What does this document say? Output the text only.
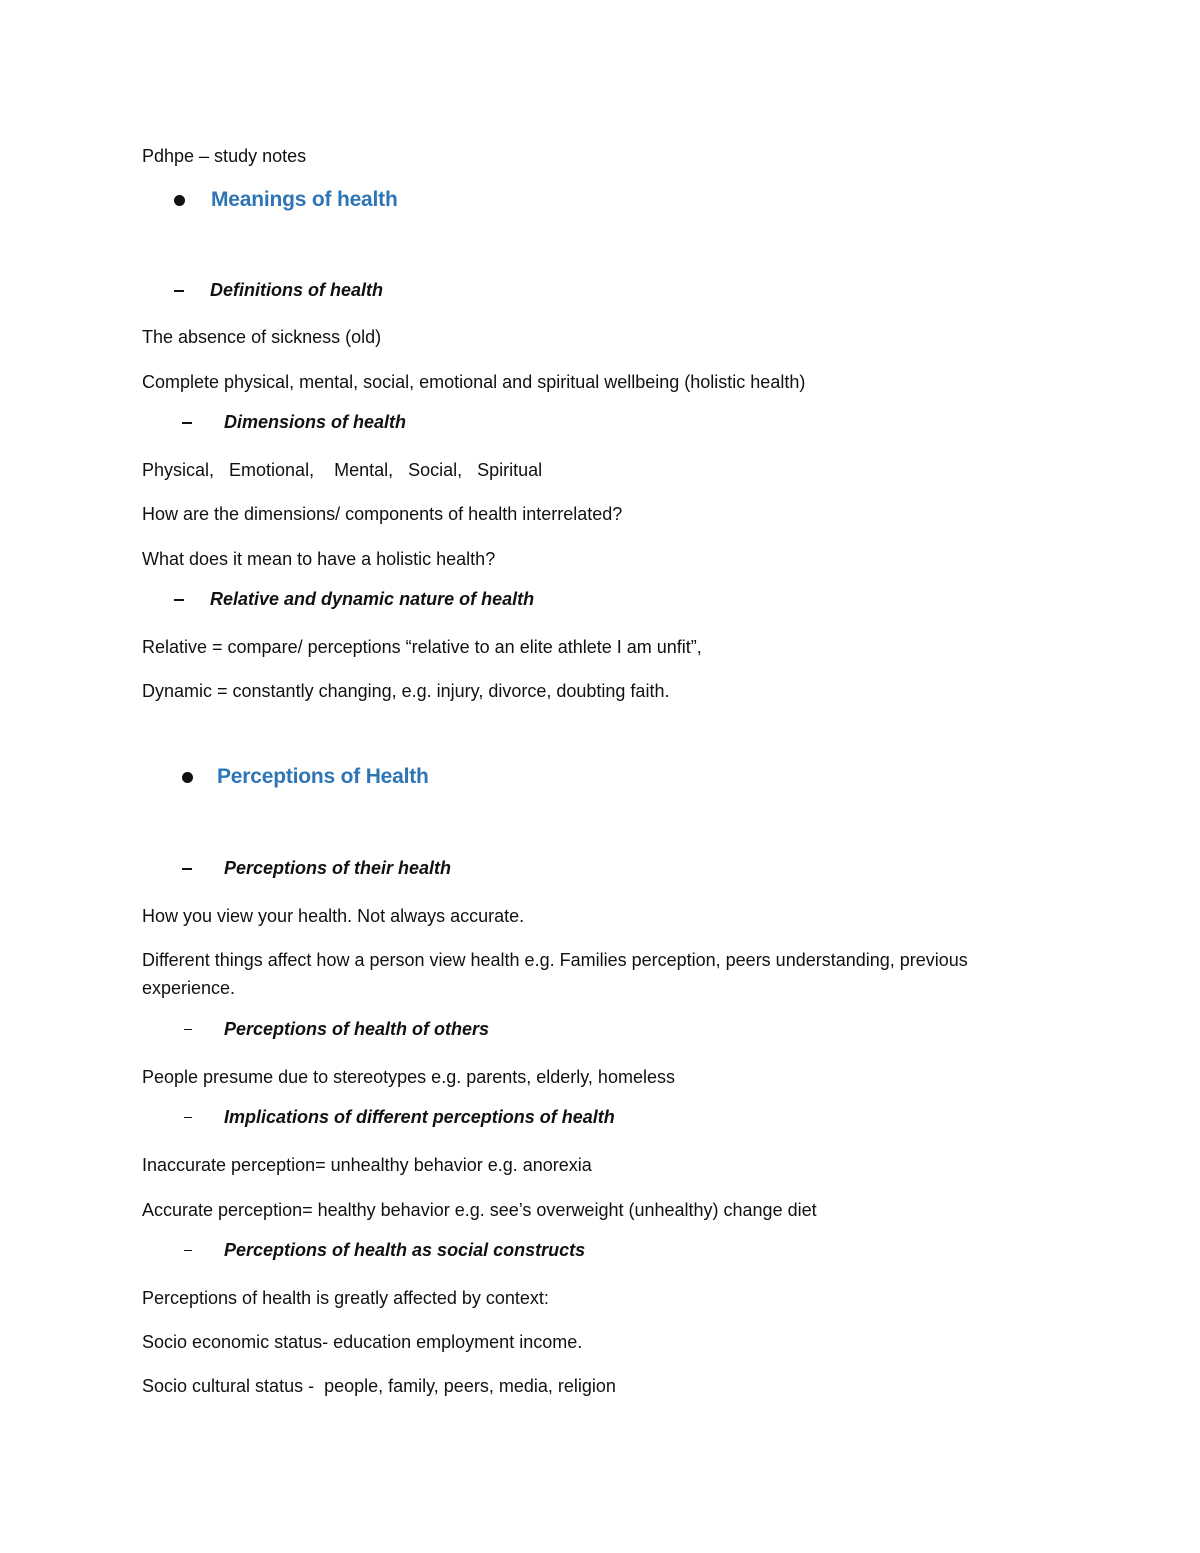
Pdhpe – study notes
Meanings of health
Definitions of health
The absence of sickness (old)
Complete physical, mental, social, emotional and spiritual wellbeing (holistic health)
Dimensions of health
Physical,   Emotional,    Mental,   Social,   Spiritual
How are the dimensions/ components of health interrelated?
What does it mean to have a holistic health?
Relative and dynamic nature of health
Relative = compare/ perceptions “relative to an elite athlete I am unfit”,
Dynamic = constantly changing, e.g. injury, divorce, doubting faith.
Perceptions of Health
Perceptions of their health
How you view your health. Not always accurate.
Different things affect how a person view health e.g. Families perception, peers understanding, previous experience.
Perceptions of health of others
People presume due to stereotypes e.g. parents, elderly, homeless
Implications of different perceptions of health
Inaccurate perception= unhealthy behavior e.g. anorexia
Accurate perception= healthy behavior e.g. see’s overweight (unhealthy) change diet
Perceptions of health as social constructs
Perceptions of health is greatly affected by context:
Socio economic status- education employment income.
Socio cultural status -  people, family, peers, media, religion
